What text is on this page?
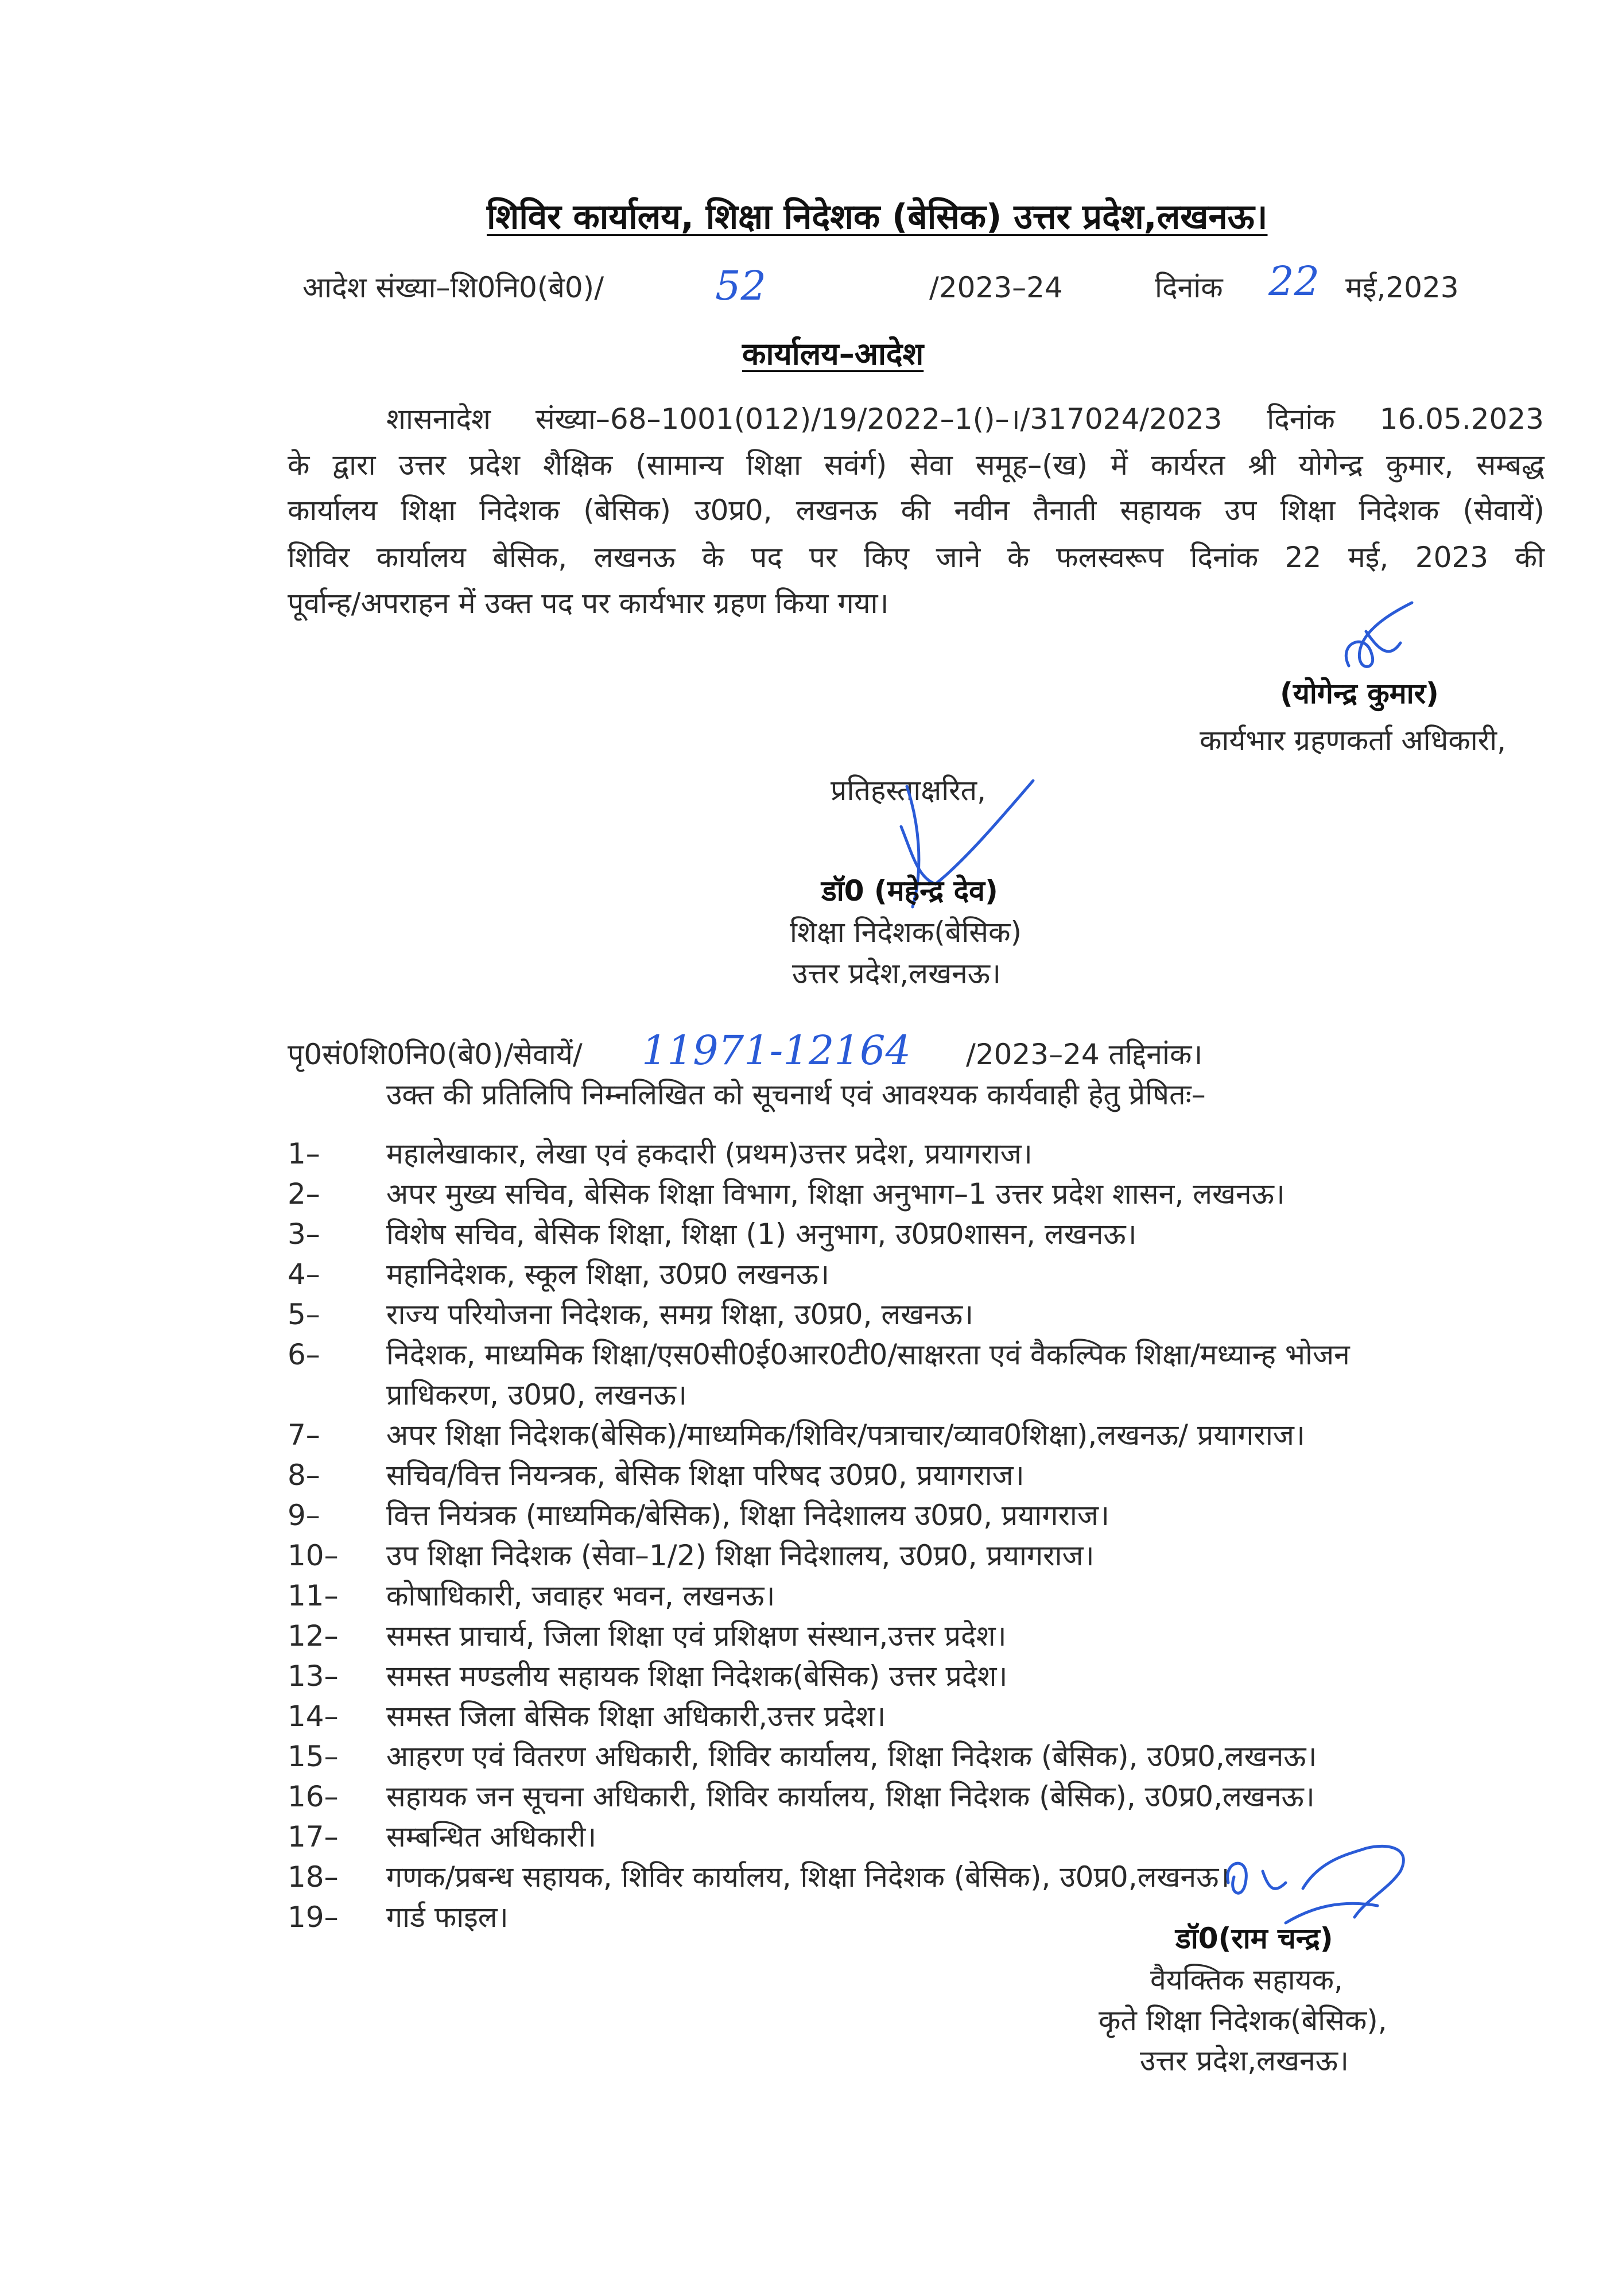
शिविर कार्यालय, शिक्षा निदेशक (बेसिक) उत्तर प्रदेश,लखनऊ।
आदेश संख्या–शि0नि0(बे0)/	52	/2023–24	दिनांक 22 मई,2023
कार्यालय–आदेश
शासनादेश संख्या–68–1001(012)/19/2022–1()–।/317024/2023 दिनांक 16.05.2023
के द्वारा उत्तर प्रदेश शैक्षिक (सामान्य शिक्षा सवंर्ग) सेवा समूह–(ख) में कार्यरत श्री योगेन्द्र कुमार, सम्बद्ध
कार्यालय शिक्षा निदेशक (बेसिक) उ0प्र0, लखनऊ की नवीन तैनाती सहायक उप शिक्षा निदेशक (सेवायें)
शिविर कार्यालय बेसिक, लखनऊ के पद पर किए जाने के फलस्वरूप दिनांक 22 मई, 2023 की
पूर्वान्ह/अपराहन में उक्त पद पर कार्यभार ग्रहण किया गया।
(योगेन्द्र कुमार)
कार्यभार ग्रहणकर्ता अधिकारी,
प्रतिहस्ताक्षरित,
डॉ0 (महेन्द्र देव)
शिक्षा निदेशक(बेसिक)
उत्तर प्रदेश,लखनऊ।
पृ0सं0शि0नि0(बे0)/सेवायें/ 11971-12164 /2023–24 तद्दिनांक।
उक्त की प्रतिलिपि निम्नलिखित को सूचनार्थ एवं आवश्यक कार्यवाही हेतु प्रेषितः–
1– महालेखाकार, लेखा एवं हकदारी (प्रथम)उत्तर प्रदेश, प्रयागराज।
2– अपर मुख्य सचिव, बेसिक शिक्षा विभाग, शिक्षा अनुभाग–1 उत्तर प्रदेश शासन, लखनऊ।
3– विशेष सचिव, बेसिक शिक्षा, शिक्षा (1) अनुभाग, उ0प्र0शासन, लखनऊ।
4– महानिदेशक, स्कूल शिक्षा, उ0प्र0 लखनऊ।
5– राज्य परियोजना निदेशक, समग्र शिक्षा, उ0प्र0, लखनऊ।
6– निदेशक, माध्यमिक शिक्षा/एस0सी0ई0आर0टी0/साक्षरता एवं वैकल्पिक शिक्षा/मध्यान्ह भोजन
प्राधिकरण, उ0प्र0, लखनऊ।
7– अपर शिक्षा निदेशक(बेसिक)/माध्यमिक/शिविर/पत्राचार/व्याव0शिक्षा),लखनऊ/ प्रयागराज।
8– सचिव/वित्त नियन्त्रक, बेसिक शिक्षा परिषद उ0प्र0, प्रयागराज।
9– वित्त नियंत्रक (माध्यमिक/बेसिक), शिक्षा निदेशालय उ0प्र0, प्रयागराज।
10– उप शिक्षा निदेशक (सेवा–1/2) शिक्षा निदेशालय, उ0प्र0, प्रयागराज।
11– कोषाधिकारी, जवाहर भवन, लखनऊ।
12– समस्त प्राचार्य, जिला शिक्षा एवं प्रशिक्षण संस्थान,उत्तर प्रदेश।
13– समस्त मण्डलीय सहायक शिक्षा निदेशक(बेसिक) उत्तर प्रदेश।
14– समस्त जिला बेसिक शिक्षा अधिकारी,उत्तर प्रदेश।
15– आहरण एवं वितरण अधिकारी, शिविर कार्यालय, शिक्षा निदेशक (बेसिक), उ0प्र0,लखनऊ।
16– सहायक जन सूचना अधिकारी, शिविर कार्यालय, शिक्षा निदेशक (बेसिक), उ0प्र0,लखनऊ।
17– सम्बन्धित अधिकारी।
18– गणक/प्रबन्ध सहायक, शिविर कार्यालय, शिक्षा निदेशक (बेसिक), उ0प्र0,लखनऊ।
19– गार्ड फाइल।
डॉ0(राम चन्द्र)
वैयक्तिक सहायक,
कृते शिक्षा निदेशक(बेसिक),
उत्तर प्रदेश,लखनऊ।
